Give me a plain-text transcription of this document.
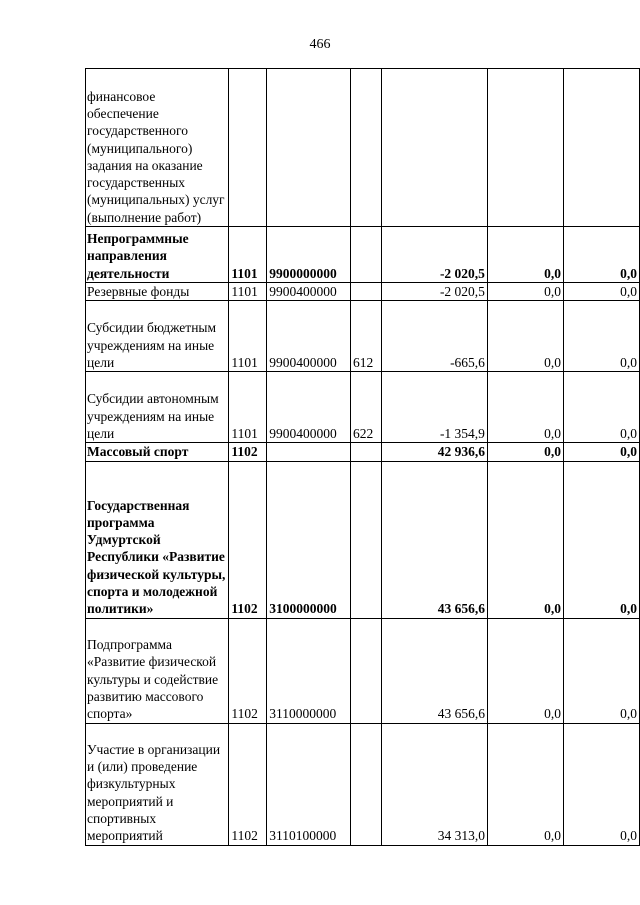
466
финансовое обеспечение государственного (муниципального) задания на оказание государственных (муниципальных) услуг (выполнение работ)						
Непрограммные направления деятельности	1101	9900000000		-2 020,5	0,0	0,0
Резервные фонды	1101	9900400000		-2 020,5	0,0	0,0
Субсидии бюджетным учреждениям на иные цели	1101	9900400000	612	-665,6	0,0	0,0
Субсидии автономным учреждениям на иные цели	1101	9900400000	622	-1 354,9	0,0	0,0
Массовый спорт	1102			42 936,6	0,0	0,0
Государственная программа Удмуртской Республики «Развитие физической культуры, спорта и молодежной политики»	1102	3100000000		43 656,6	0,0	0,0
Подпрограмма «Развитие физической культуры и содействие развитию массового спорта»	1102	3110000000		43 656,6	0,0	0,0
Участие в организации и (или) проведение физкультурных мероприятий и спортивных мероприятий	1102	3110100000		34 313,0	0,0	0,0
